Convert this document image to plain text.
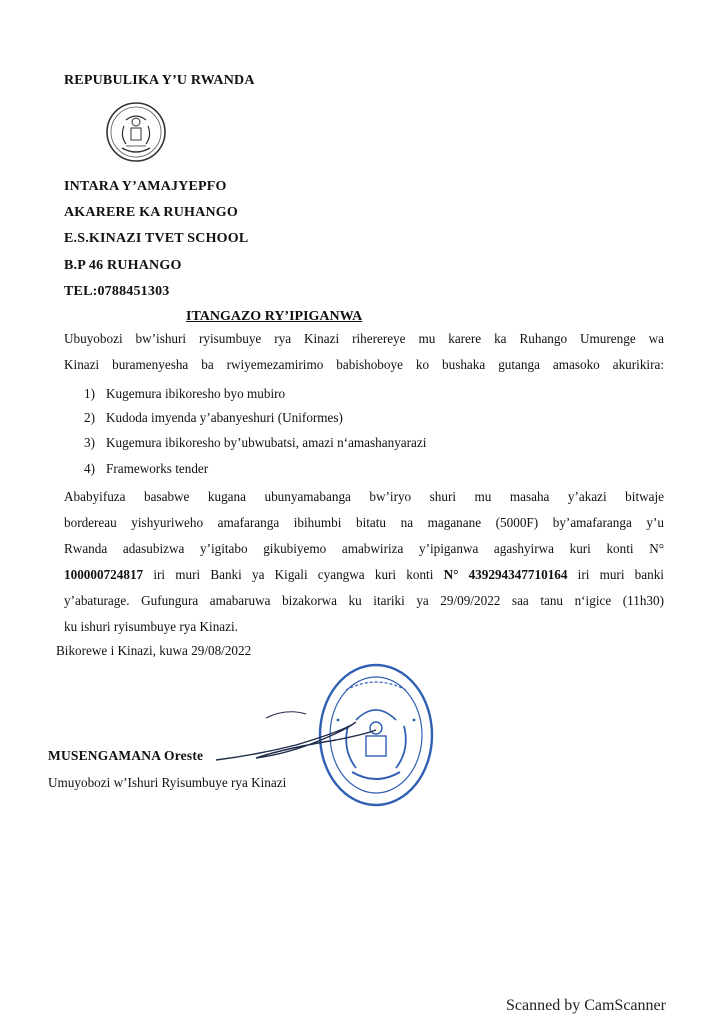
REPUBULIKA Y’U RWANDA
INTARA Y’AMAJYEPFO
AKARERE KA RUHANGO
E.S.KINAZI TVET SCHOOL
B.P 46 RUHANGO
TEL:0788451303
ITANGAZO RY’IPIGANWA
Ubuyobozi bw’ishuri ryisumbuye rya Kinazi riherereye mu karere ka Ruhango Umurenge wa
Kinazi buramenyesha ba rwiyemezamirimo babishoboye ko bushaka gutanga amasoko akurikira:
1) Kugemura ibikoresho byo mubiro
2) Kudoda imyenda y’abanyeshuri (Uniformes)
3) Kugemura ibikoresho by’ubwubatsi, amazi n‘amashanyarazi
4) Frameworks tender
Ababyifuza basabwe kugana ubunyamabanga bw’iryo shuri mu masaha y’akazi bitwaje
bordereau yishyuriweho amafaranga ibihumbi bitatu na maganane (5000F) by’amafaranga y’u
Rwanda adasubizwa y’igitabo gikubiyemo amabwiriza y’ipiganwa agashyirwa kuri konti N°
100000724817 iri muri Banki ya Kigali cyangwa kuri konti N° 439294347710164 iri muri banki
y’abaturage. Gufungura amabaruwa bizakorwa ku itariki ya 29/09/2022 saa tanu n‘igice (11h30)
ku ishuri ryisumbuye rya Kinazi.
Bikorewe i Kinazi, kuwa 29/08/2022
MUSENGAMANA Oreste
Umuyobozi w’Ishuri Ryisumbuye rya Kinazi
Scanned by CamScanner
